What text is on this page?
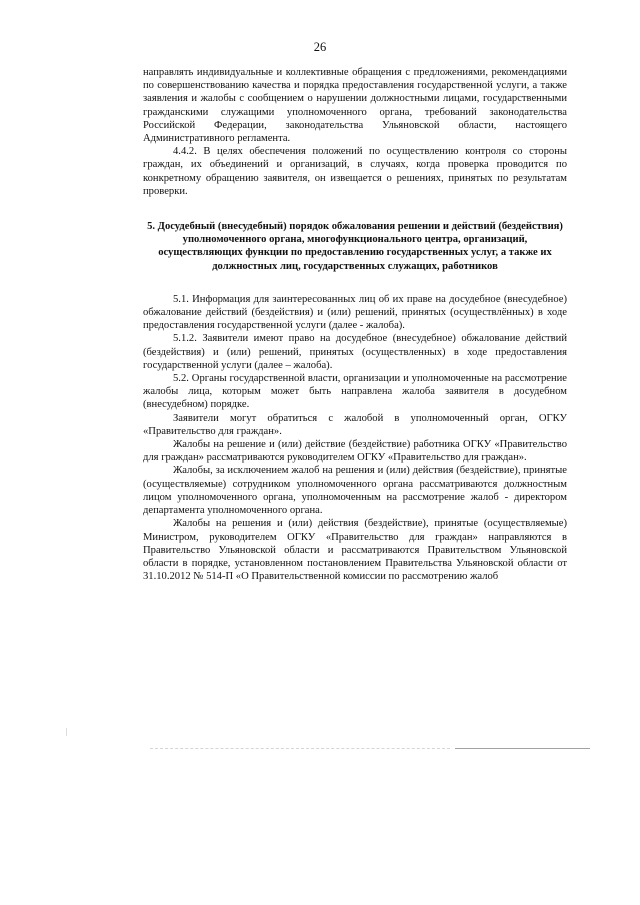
26

направлять индивидуальные и коллективные обращения с предложениями, рекомендациями по совершенствованию качества и порядка предоставления государственной услуги, а также заявления и жалобы с сообщением о нарушении должностными лицами, государственными гражданскими служащими уполномоченного органа, требований законодательства Российской Федерации, законодательства Ульяновской области, настоящего Административного регламента.

4.4.2. В целях обеспечения положений по осуществлению контроля со стороны граждан, их объединений и организаций, в случаях, когда проверка проводится по конкретному обращению заявителя, он извещается о решениях, принятых по результатам проверки.

5. Досудебный (внесудебный) порядок обжалования решении и действий (бездействия) уполномоченного органа, многофункционального центра, организаций, осуществляющих функции по предоставлению государственных услуг, а также их должностных лиц, государственных служащих, работников

5.1. Информация для заинтересованных лиц об их праве на досудебное (внесудебное) обжалование действий (бездействия) и (или) решений, принятых (осуществлённых) в ходе предоставления государственной услуги (далее - жалоба).

5.1.2. Заявители имеют право на досудебное (внесудебное) обжалование действий (бездействия) и (или) решений, принятых (осуществленных) в ходе предоставления государственной услуги (далее – жалоба).

5.2. Органы государственной власти, организации и уполномоченные на рассмотрение жалобы лица, которым может быть направлена жалоба заявителя в досудебном (внесудебном) порядке.

Заявители могут обратиться с жалобой в уполномоченный орган, ОГКУ «Правительство для граждан».

Жалобы на решение и (или) действие (бездействие) работника ОГКУ «Правительство для граждан» рассматриваются руководителем ОГКУ «Правительство для граждан».

Жалобы, за исключением жалоб на решения и (или) действия (бездействие), принятые (осуществляемые) сотрудником уполномоченного органа рассматриваются должностным лицом уполномоченного органа, уполномоченным на рассмотрение жалоб - директором департамента уполномоченного органа.

Жалобы на решения и (или) действия (бездействие), принятые (осуществляемые) Министром, руководителем ОГКУ «Правительство для граждан» направляются в Правительство Ульяновской области и рассматриваются Правительством Ульяновской области в порядке, установленном постановлением Правительства Ульяновской области от 31.10.2012 № 514-П «О Правительственной комиссии по рассмотрению жалоб
